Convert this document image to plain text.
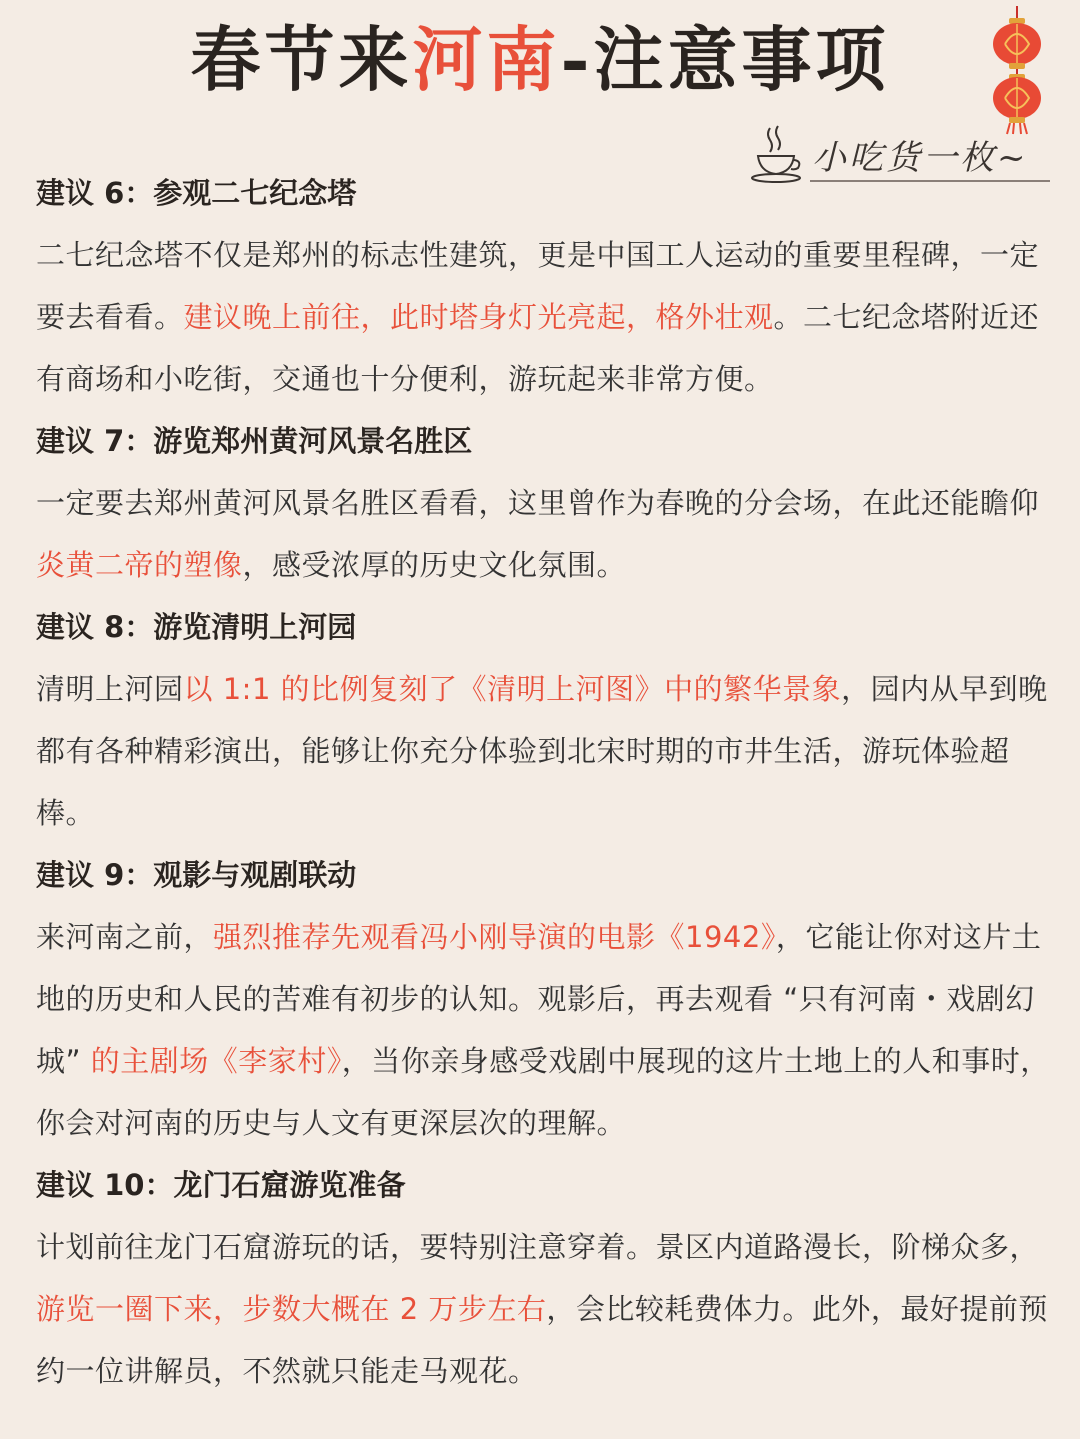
春节来河南-注意事项
小吃货一枚~
建议 6：参观二七纪念塔
二七纪念塔不仅是郑州的标志性建筑，更是中国工人运动的重要里程碑，一定要去看看。建议晚上前往，此时塔身灯光亮起，格外壮观。二七纪念塔附近还有商场和小吃街，交通也十分便利，游玩起来非常方便。
建议 7：游览郑州黄河风景名胜区
一定要去郑州黄河风景名胜区看看，这里曾作为春晚的分会场，在此还能瞻仰炎黄二帝的塑像，感受浓厚的历史文化氛围。
建议 8：游览清明上河园
清明上河园以 1:1 的比例复刻了《清明上河图》中的繁华景象，园内从早到晚都有各种精彩演出，能够让你充分体验到北宋时期的市井生活，游玩体验超棒。
建议 9：观影与观剧联动
来河南之前，强烈推荐先观看冯小刚导演的电影《1942》，它能让你对这片土地的历史和人民的苦难有初步的认知。观影后，再去观看 “只有河南・戏剧幻城” 的主剧场《李家村》，当你亲身感受戏剧中展现的这片土地上的人和事时，你会对河南的历史与人文有更深层次的理解。
建议 10：龙门石窟游览准备
计划前往龙门石窟游玩的话，要特别注意穿着。景区内道路漫长，阶梯众多，游览一圈下来，步数大概在 2 万步左右，会比较耗费体力。此外，最好提前预约一位讲解员，不然就只能走马观花。
